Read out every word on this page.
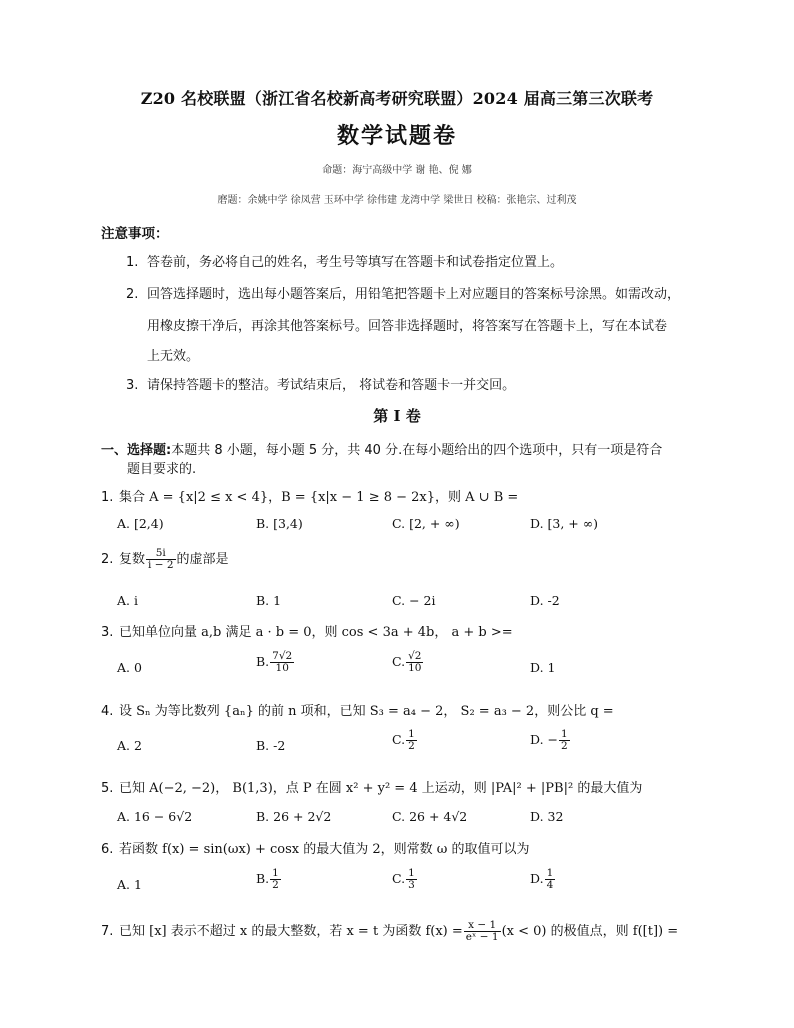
Z20 名校联盟（浙江省名校新高考研究联盟）2024 届高三第三次联考
数学试题卷
命题：海宁高级中学 谢 艳、倪 娜
磨题：余姚中学 徐凤营 玉环中学 徐伟建 龙湾中学 梁世日 校稿：张艳宗、过利茂
注意事项：
1. 答卷前，务必将自己的姓名，考生号等填写在答题卡和试卷指定位置上。
2. 回答选择题时，选出每小题答案后，用铅笔把答题卡上对应题目的答案标号涂黑。如需改动，
用橡皮擦干净后，再涂其他答案标号。回答非选择题时，将答案写在答题卡上，写在本试卷
上无效。
3. 请保持答题卡的整洁。考试结束后， 将试卷和答题卡一并交回。
第 I 卷
一、选择题:本题共 8 小题，每小题 5 分，共 40 分.在每小题给出的四个选项中，只有一项是符合
题目要求的.
1. 集合 A = {x|2 ≤ x < 4}，B = {x|x − 1 ≥ 8 − 2x}，则 A ∪ B =
A. [2,4)	B. [3,4)	C. [2, + ∞)	D. [3, + ∞)
2. 复数 $\frac{5i}{i - 2}$ 的虚部是
A. i	B. 1	C. − 2i	D. -2
3. 已知单位向量 a,b 满足 a · b = 0，则 cos < 3a + 4b， a + b >=
A. 0	B. $\frac{7√2}{10}$	C. $\frac{√2}{10}$	D. 1
4. 设 Sₙ 为等比数列 {aₙ} 的前 n 项和，已知 S₃ = a₄ − 2， S₂ = a₃ − 2，则公比 q =
A. 2	B. -2	C. $\frac{1}{2}$	D. − $\frac{1}{2}$
5. 已知 A(−2, −2)， B(1,3)，点 P 在圆 x² + y² = 4 上运动，则 |PA|² + |PB|² 的最大值为
A. 16 − 6√2	B. 26 + 2√2	C. 26 + 4√2	D. 32
6. 若函数 f(x) = sin(ωx) + cosx 的最大值为 2，则常数 ω 的取值可以为
A. 1	B. $\frac{1}{2}$	C. $\frac{1}{3}$	D. $\frac{1}{4}$
7. 已知 [x] 表示不超过 x 的最大整数，若 x = t 为函数 $f(x) = \frac{x - 1}{\text{eˣ − 1}} (x < 0)$ 的极值点，则 f([t]) =
